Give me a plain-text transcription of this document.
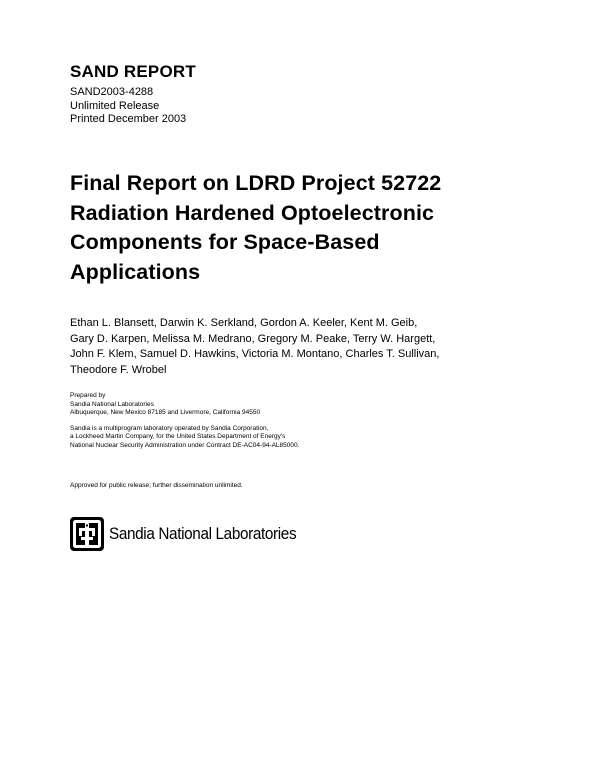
SAND REPORT
SAND2003-4288
Unlimited Release
Printed December 2003
Final Report on LDRD Project 52722
Radiation Hardened Optoelectronic
Components for Space-Based
Applications
Ethan L. Blansett, Darwin K. Serkland, Gordon A. Keeler, Kent M. Geib,
Gary D. Karpen, Melissa M. Medrano, Gregory M. Peake, Terry W. Hargett,
John F. Klem, Samuel D. Hawkins, Victoria M. Montano, Charles T. Sullivan,
Theodore F. Wrobel
Prepared by
Sandia National Laboratories
Albuquerque, New Mexico 87185 and Livermore, California 94550
Sandia is a multiprogram laboratory operated by Sandia Corporation,
a Lockheed Martin Company, for the United States Department of Energy's
National Nuclear Security Administration under Contract DE-AC04-94-AL85000.
Approved for public release; further dissemination unlimited.
Sandia National Laboratories
